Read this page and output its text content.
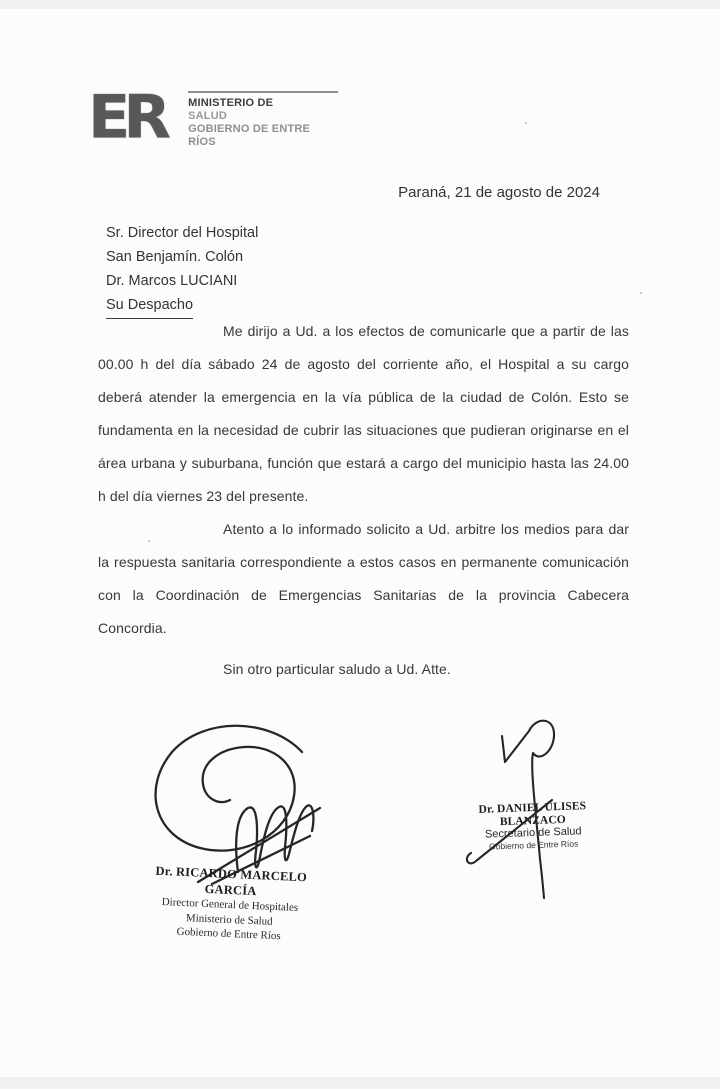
ER MINISTERIO DE
SALUD
GOBIERNO DE ENTRE RÍOS
Paraná, 21 de agosto de 2024
Sr. Director del Hospital
San Benjamín. Colón
Dr. Marcos LUCIANI
Su Despacho
Me dirijo a Ud. a los efectos de comunicarle que a partir de las 00.00 h del día sábado 24 de agosto del corriente año, el Hospital a su cargo deberá atender la emergencia en la vía pública de la ciudad de Colón. Esto se fundamenta en la necesidad de cubrir las situaciones que pudieran originarse en el área urbana y suburbana, función que estará a cargo del municipio hasta las 24.00 h del día viernes 23 del presente.
Atento a lo informado solicito a Ud. arbitre los medios para dar la respuesta sanitaria correspondiente a estos casos en permanente comunicación con la Coordinación de Emergencias Sanitarias de la provincia Cabecera Concordia.
Sin otro particular saludo a Ud. Atte.
Dr. RICARDO MARCELO GARCÍA
Director General de Hospitales
Ministerio de Salud
Gobierno de Entre Ríos
Dr. DANIEL ULISES BLANZACO
Secretario de Salud
Gobierno de Entre Ríos
